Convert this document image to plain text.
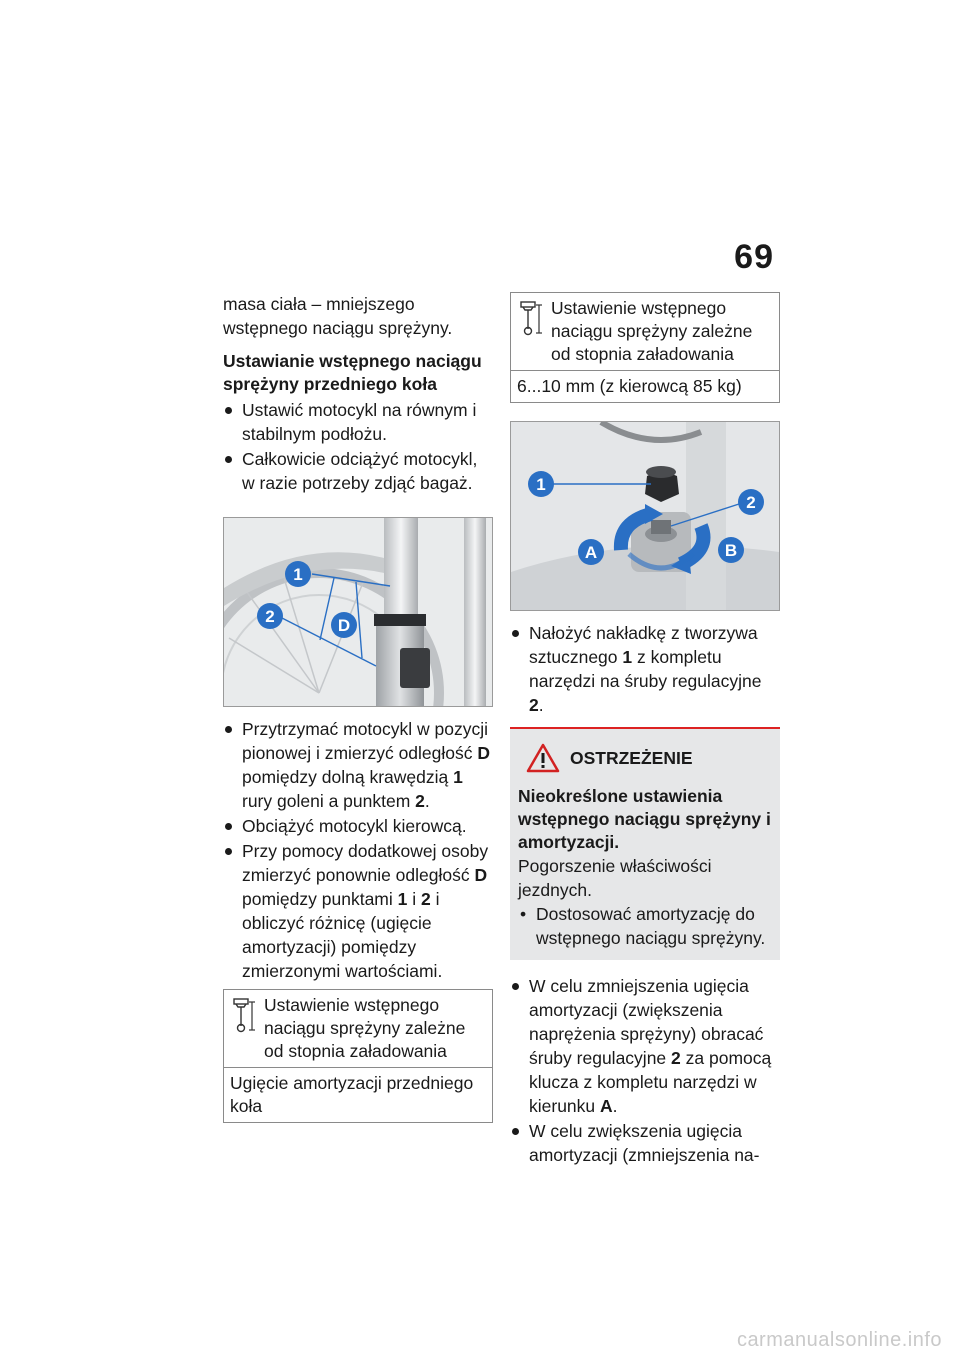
69

masa ciała – mniejszego wstępnego naciągu sprężyny.

Ustawianie wstępnego naciągu sprężyny przedniego koła
Ustawić motocykl na równym i stabilnym podłożu.
Całkowicie odciążyć motocykl, w razie potrzeby zdjąć bagaż.
1
2	D
Przytrzymać motocykl w pozycji pionowej i zmierzyć odległość D pomiędzy dolną krawędzią 1 rury goleni a punktem 2.
Obciążyć motocykl kierowcą.
Przy pomocy dodatkowej osoby zmierzyć ponownie odległość D pomiędzy punktami 1 i 2 i obliczyć różnicę (ugięcie amortyzacji) pomiędzy zmierzonymi wartościami.
Ustawienie wstępnego naciągu sprężyny zależne od stopnia załadowania
Ugięcie amortyzacji przedniego koła
Ustawienie wstępnego naciągu sprężyny zależne od stopnia załadowania
6...10 mm (z kierowcą 85 kg)
1
2
A	B
Nałożyć nakładkę z tworzywa sztucznego 1 z kompletu narzędzi na śruby regulacyjne 2.
OSTRZEŻENIE
Nieokreślone ustawienia wstępnego naciągu sprężyny i amortyzacji.
Pogorszenie właściwości jezdnych.
• Dostosować amortyzację do wstępnego naciągu sprężyny.
W celu zmniejszenia ugięcia amortyzacji (zwiększenia naprężenia sprężyny) obracać śruby regulacyjne 2 za pomocą klucza z kompletu narzędzi w kierunku A.
W celu zwiększenia ugięcia amortyzacji (zmniejszenia na-
carmanualsonline.info
